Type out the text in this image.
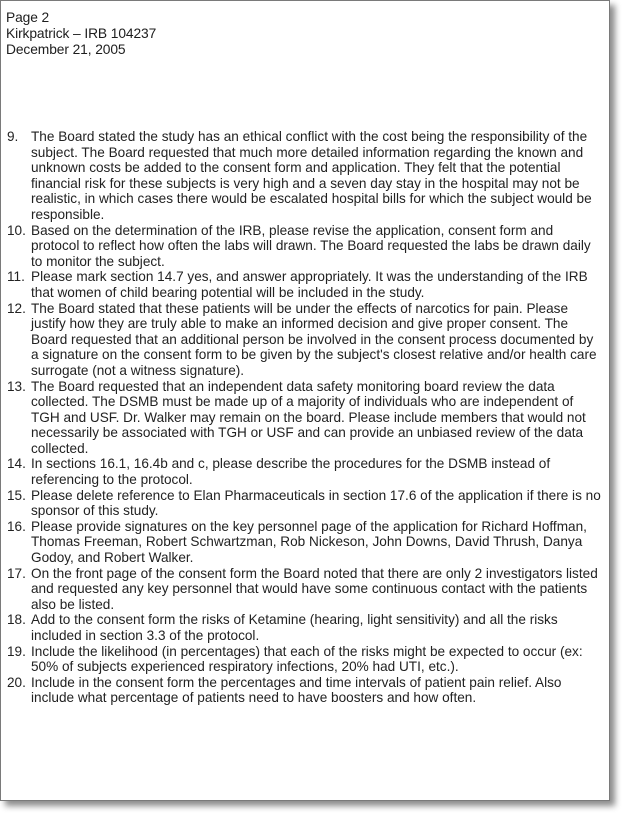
Page 2
Kirkpatrick – IRB 104237
December 21, 2005
9. The Board stated the study has an ethical conflict with the cost being the responsibility of the subject. The Board requested that much more detailed information regarding the known and unknown costs be added to the consent form and application. They felt that the potential financial risk for these subjects is very high and a seven day stay in the hospital may not be realistic, in which cases there would be escalated hospital bills for which the subject would be responsible.
10. Based on the determination of the IRB, please revise the application, consent form and protocol to reflect how often the labs will drawn. The Board requested the labs be drawn daily to monitor the subject.
11. Please mark section 14.7 yes, and answer appropriately. It was the understanding of the IRB that women of child bearing potential will be included in the study.
12. The Board stated that these patients will be under the effects of narcotics for pain. Please justify how they are truly able to make an informed decision and give proper consent. The Board requested that an additional person be involved in the consent process documented by a signature on the consent form to be given by the subject's closest relative and/or health care surrogate (not a witness signature).
13. The Board requested that an independent data safety monitoring board review the data collected. The DSMB must be made up of a majority of individuals who are independent of TGH and USF. Dr. Walker may remain on the board. Please include members that would not necessarily be associated with TGH or USF and can provide an unbiased review of the data collected.
14. In sections 16.1, 16.4b and c, please describe the procedures for the DSMB instead of referencing to the protocol.
15. Please delete reference to Elan Pharmaceuticals in section 17.6 of the application if there is no sponsor of this study.
16. Please provide signatures on the key personnel page of the application for Richard Hoffman, Thomas Freeman, Robert Schwartzman, Rob Nickeson, John Downs, David Thrush, Danya Godoy, and Robert Walker.
17. On the front page of the consent form the Board noted that there are only 2 investigators listed and requested any key personnel that would have some continuous contact with the patients also be listed.
18. Add to the consent form the risks of Ketamine (hearing, light sensitivity) and all the risks included in section 3.3 of the protocol.
19. Include the likelihood (in percentages) that each of the risks might be expected to occur (ex: 50% of subjects experienced respiratory infections, 20% had UTI, etc.).
20. Include in the consent form the percentages and time intervals of patient pain relief. Also include what percentage of patients need to have boosters and how often.
